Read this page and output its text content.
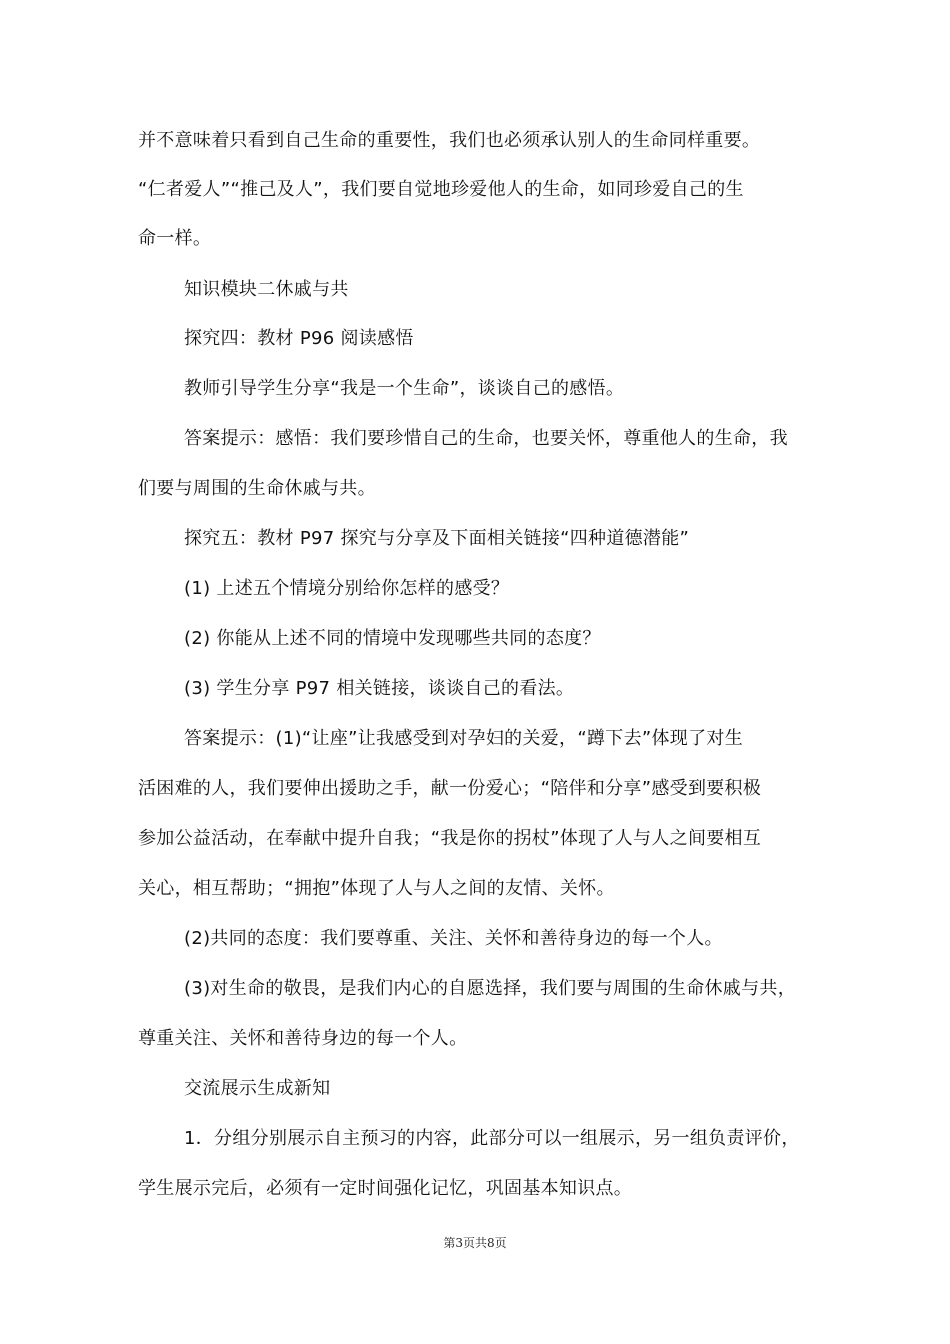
并不意味着只看到自己生命的重要性，我们也必须承认别人的生命同样重要。
“仁者爱人”“推己及人”，我们要自觉地珍爱他人的生命，如同珍爱自己的生
命一样。
知识模块二休戚与共
探究四：教材 P96 阅读感悟
教师引导学生分享“我是一个生命”，谈谈自己的感悟。
答案提示：感悟：我们要珍惜自己的生命，也要关怀，尊重他人的生命，我
们要与周围的生命休戚与共。
探究五：教材 P97 探究与分享及下面相关链接“四种道德潜能”
(1) 上述五个情境分别给你怎样的感受？
(2) 你能从上述不同的情境中发现哪些共同的态度？
(3) 学生分享 P97 相关链接，谈谈自己的看法。
答案提示：(1)“让座”让我感受到对孕妇的关爱，“蹲下去”体现了对生
活困难的人，我们要伸出援助之手，献一份爱心；“陪伴和分享”感受到要积极
参加公益活动，在奉献中提升自我；“我是你的拐杖”体现了人与人之间要相互
关心，相互帮助；“拥抱”体现了人与人之间的友情、关怀。
(2)共同的态度：我们要尊重、关注、关怀和善待身边的每一个人。
(3)对生命的敬畏，是我们内心的自愿选择，我们要与周围的生命休戚与共，
尊重关注、关怀和善待身边的每一个人。
交流展示生成新知
1．分组分别展示自主预习的内容，此部分可以一组展示，另一组负责评价，
学生展示完后，必须有一定时间强化记忆，巩固基本知识点。
第3页共8页
